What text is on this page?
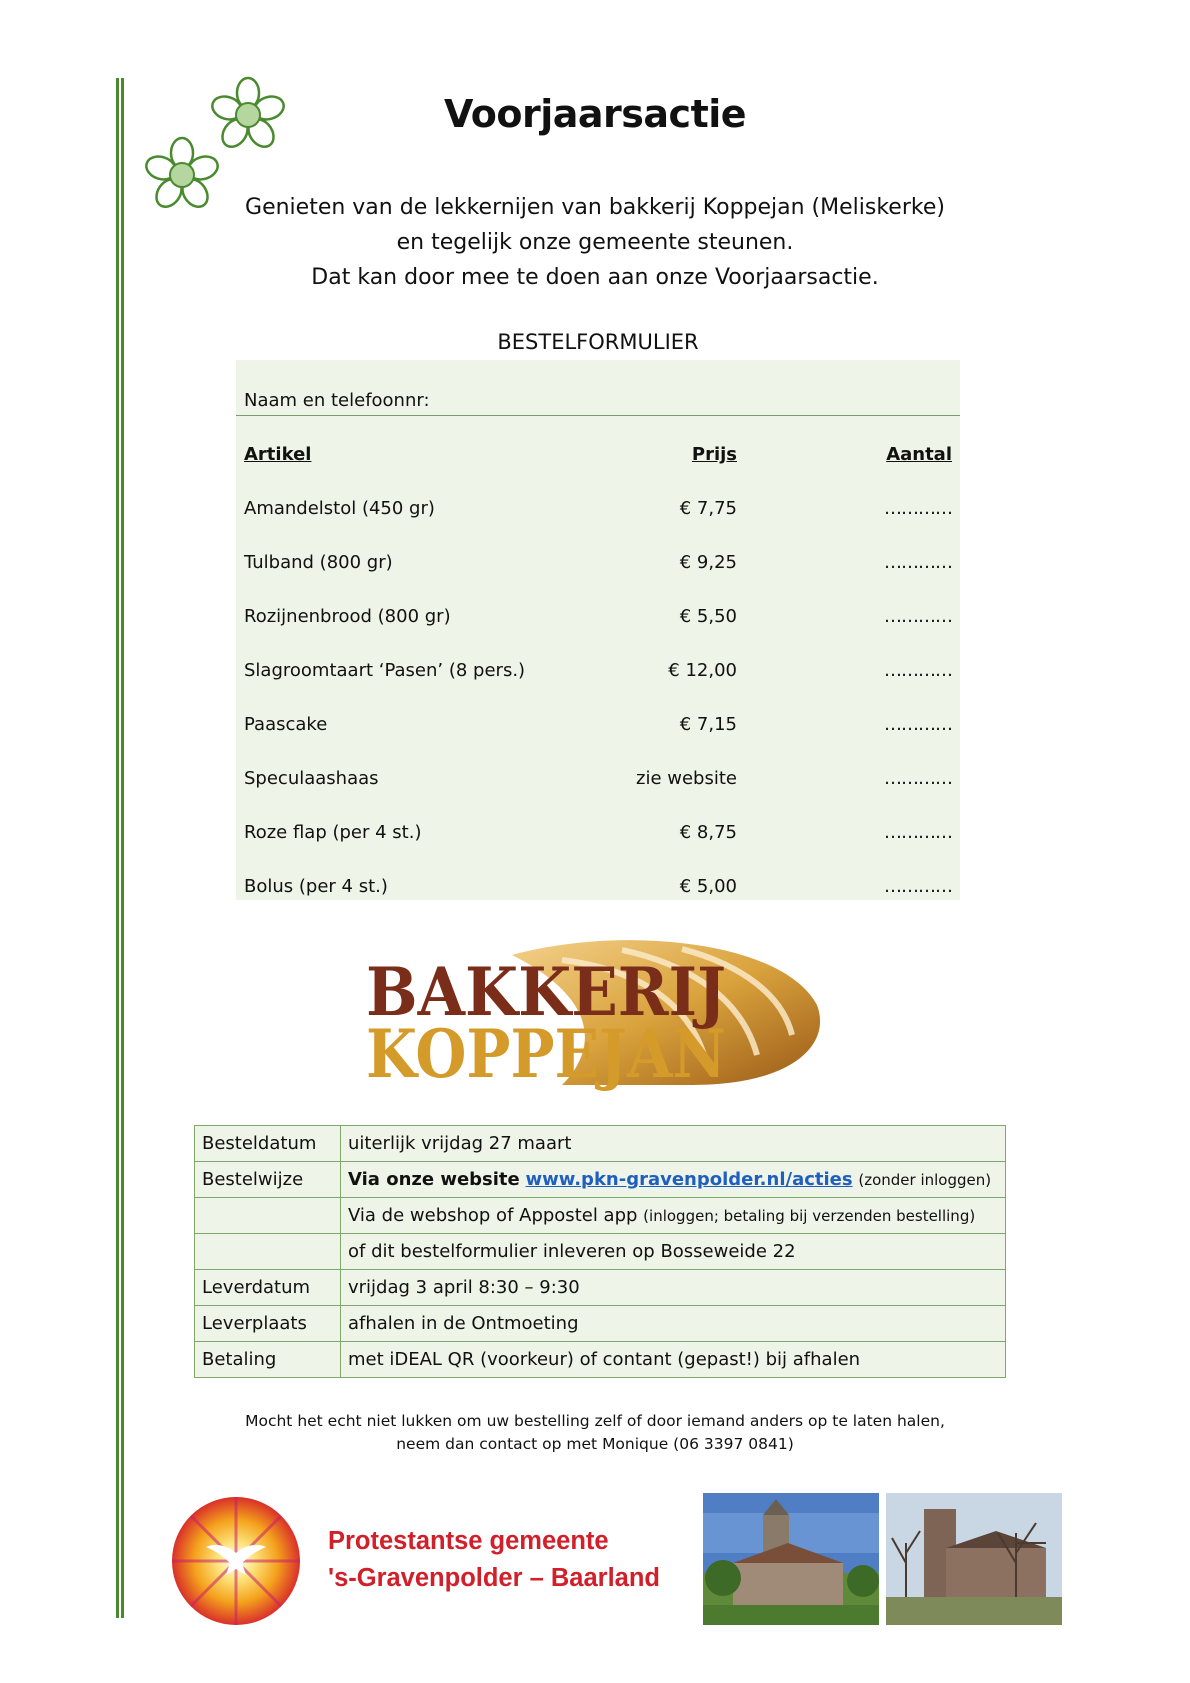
Voorjaarsactie
Genieten van de lekkernijen van bakkerij Koppejan (Meliskerke)
en tegelijk onze gemeente steunen.
Dat kan door mee te doen aan onze Voorjaarsactie.
BESTELFORMULIER
Naam en telefoonnr:
Artikel	Prijs	Aantal
Amandelstol (450 gr)	€ 7,75	…………
Tulband (800 gr)	€ 9,25	…………
Rozijnenbrood (800 gr)	€ 5,50	…………
Slagroomtaart ‘Pasen’ (8 pers.)	€ 12,00	…………
Paascake	€ 7,15	…………
Speculaashaas	zie website	…………
Roze flap (per 4 st.)	€ 8,75	…………
Bolus (per 4 st.)	€ 5,00	…………
BAKKERIJ
KOPPEJAN
Besteldatum	uiterlijk vrijdag 27 maart
Bestelwijze	Via onze website www.pkn-gravenpolder.nl/acties (zonder inloggen)
	Via de webshop of Appostel app (inloggen; betaling bij verzenden bestelling)
	of dit bestelformulier inleveren op Bosseweide 22
Leverdatum	vrijdag 3 april 8:30 – 9:30
Leverplaats	afhalen in de Ontmoeting
Betaling	met iDEAL QR (voorkeur) of contant (gepast!) bij afhalen
Mocht het echt niet lukken om uw bestelling zelf of door iemand anders op te laten halen,
neem dan contact op met Monique (06 3397 0841)
Protestantse gemeente
's-Gravenpolder – Baarland
